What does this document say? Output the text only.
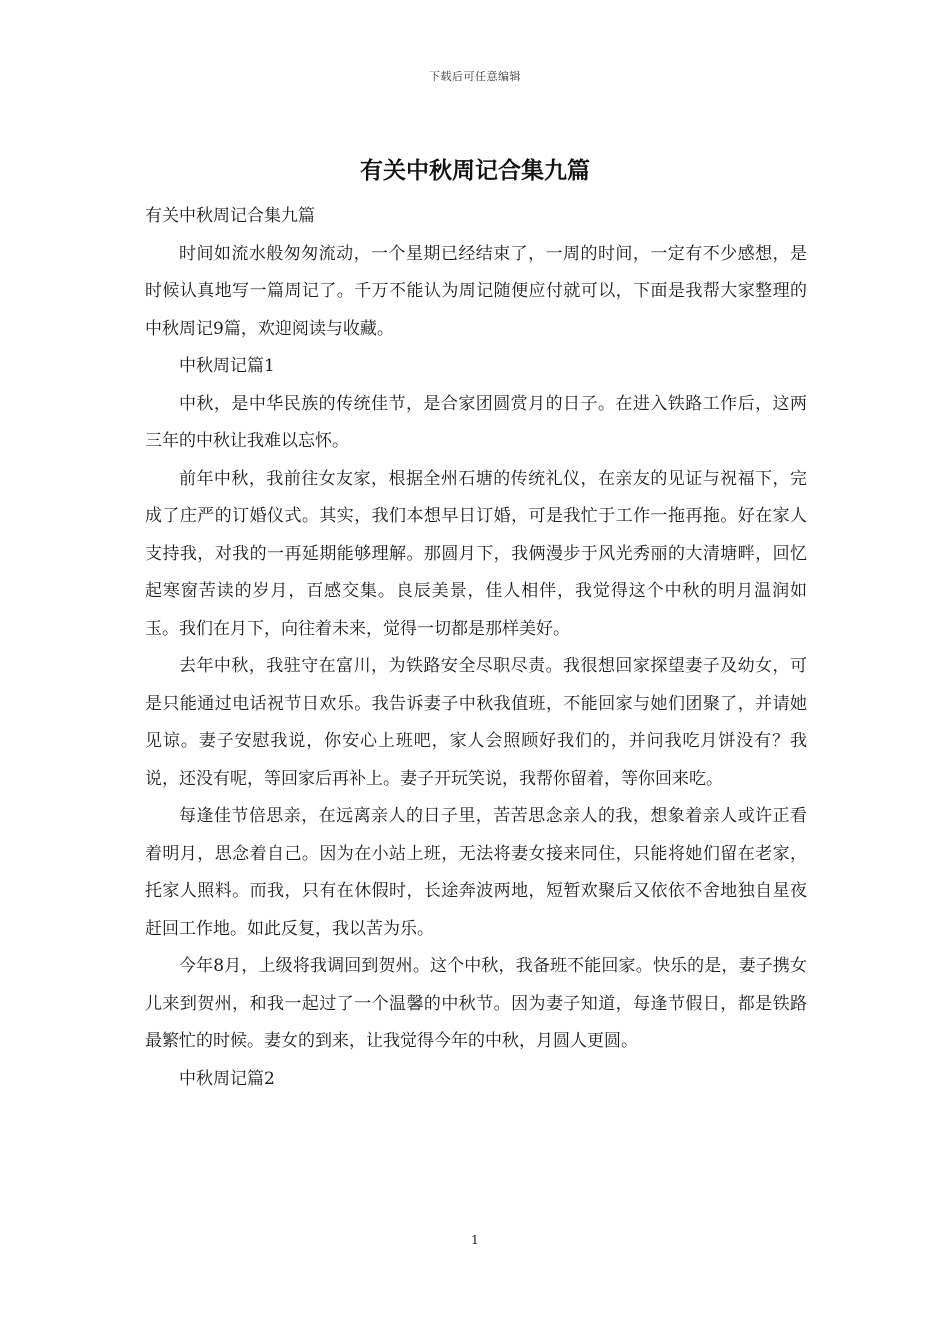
下载后可任意编辑
有关中秋周记合集九篇

有关中秋周记合集九篇

时间如流水般匆匆流动，一个星期已经结束了，一周的时间，一定有不少感想，是时候认真地写一篇周记了。千万不能认为周记随便应付就可以，下面是我帮大家整理的中秋周记9篇，欢迎阅读与收藏。

中秋周记篇1

中秋，是中华民族的传统佳节，是合家团圆赏月的日子。在进入铁路工作后，这两三年的中秋让我难以忘怀。

前年中秋，我前往女友家，根据全州石塘的传统礼仪，在亲友的见证与祝福下，完成了庄严的订婚仪式。其实，我们本想早日订婚，可是我忙于工作一拖再拖。好在家人支持我，对我的一再延期能够理解。那圆月下，我俩漫步于风光秀丽的大清塘畔，回忆起寒窗苦读的岁月，百感交集。良辰美景，佳人相伴，我觉得这个中秋的明月温润如玉。我们在月下，向往着未来，觉得一切都是那样美好。

去年中秋，我驻守在富川，为铁路安全尽职尽责。我很想回家探望妻子及幼女，可是只能通过电话祝节日欢乐。我告诉妻子中秋我值班，不能回家与她们团聚了，并请她见谅。妻子安慰我说，你安心上班吧，家人会照顾好我们的，并问我吃月饼没有？我说，还没有呢，等回家后再补上。妻子开玩笑说，我帮你留着，等你回来吃。

每逢佳节倍思亲，在远离亲人的日子里，苦苦思念亲人的我，想象着亲人或许正看着明月，思念着自己。因为在小站上班，无法将妻女接来同住，只能将她们留在老家，托家人照料。而我，只有在休假时，长途奔波两地，短暂欢聚后又依依不舍地独自星夜赶回工作地。如此反复，我以苦为乐。

今年8月，上级将我调回到贺州。这个中秋，我备班不能回家。快乐的是，妻子携女儿来到贺州，和我一起过了一个温馨的中秋节。因为妻子知道，每逢节假日，都是铁路最繁忙的时候。妻女的到来，让我觉得今年的中秋，月圆人更圆。

中秋周记篇2

1
